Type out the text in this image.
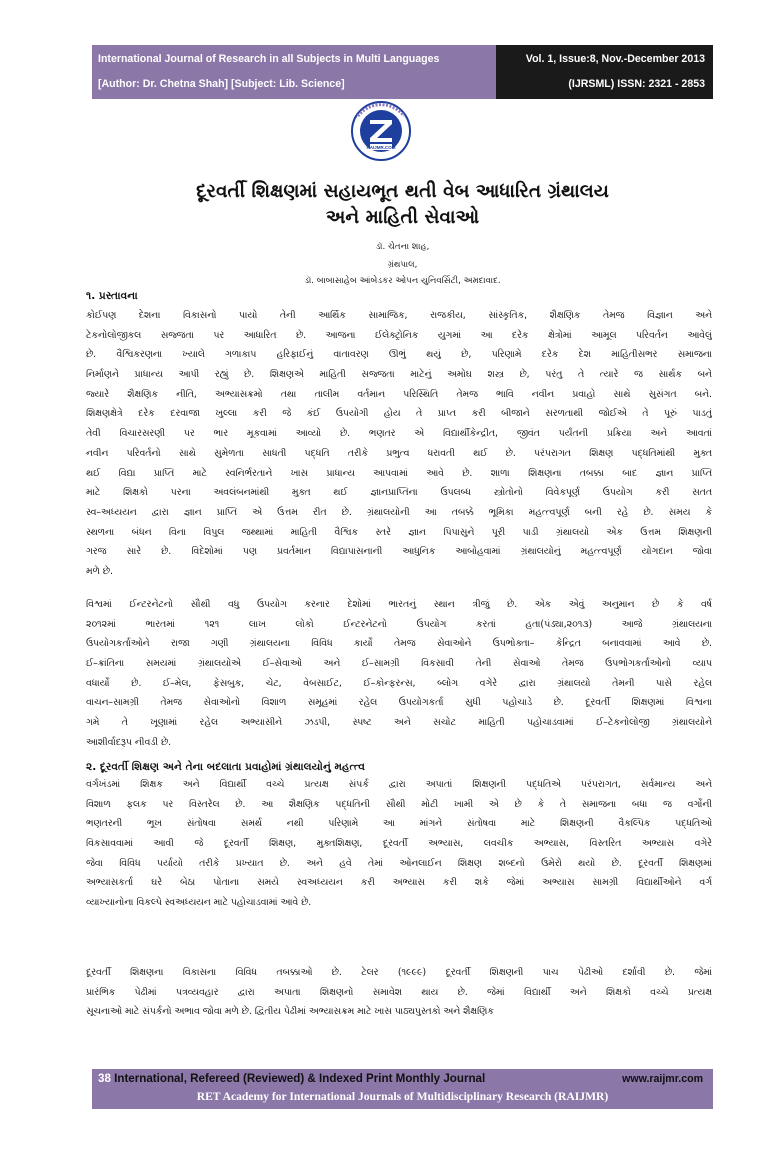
International Journal of Research in all Subjects in Multi Languages
[Author: Dr. Chetna Shah] [Subject: Lib. Science]
Vol. 1, Issue:8, Nov.-December 2013
(IJRSML) ISSN: 2321 - 2853
RAIJMR.COM
દૂરવર્તી શિક્ષણમાં સહાયભૂત થતી વેબ આધારિત ગ્રંથાલય
અને માહિતી સેવાઓ
ડૉ. ચેતના શાહ,
ગ્રંથપાલ,
ડૉ. બાબાસાહેબ આંબેડકર ઓપન યુનિવર્સિટી, અમદાવાદ.
૧. પ્રસ્તાવના
કોઈપણ દેશના વિકાસનો પાયો તેની આર્થિક સામાજિક, રાજકીય, સાંસ્કૃતિક, શૈક્ષણિક તેમજ વિજ્ઞાન અને
ટેકનોલોજીકલ સજ્જતા પર આધારિત છે. આજના ઈલેક્ટ્રોનિક યુગમાં આ દરેક ક્ષેત્રોમાં આમૂલ પરિવર્તન આવેલું
છે. વૈશ્વિકરણના ખ્યાલે ગળાકાપ હરિફાઈનું વાતાવરણ ઊભું થયું છે, પરિણામે દરેક દેશ માહિતીસભર સમાજના
નિર્માણને પ્રાધાન્ય આપી રહ્યું છે. શિક્ષણએ માહિતી સજ્જતા માટેનું અમોઘ શસ્ત્ર છે, પરંતુ તે ત્યારે જ સાર્થક બને
જ્યારે શૈક્ષણિક નીતિ, અભ્યાસક્રમો તથા તાલીમ વર્તમાન પરિસ્થિતિ તેમજ ભાવિ નવીન પ્રવાહો સાથે સુસંગત બને.
શિક્ષણક્ષેત્રે દરેક દરવાજા ખુલ્લા કરી જે કંઈ ઉપયોગી હોય તે પ્રાપ્ત કરી બીજાને સરળતાથી જોઈએ તે પૂરું પાડતું
તેવી વિચારસરણી પર ભાર મૂકવામાં આવ્યો છે. ભણતર એ વિદ્યાર્થીકેન્દ્રીત, જીવંત પર્યંતની પ્રક્રિયા અને આવતાં
નવીન પરિવર્તનો સાથે સુમેળતા સાધતી પદ્ધતિ તરીકે પ્રભુત્વ ધરાવતી થઈ છે. પરંપરાગત શિક્ષણ પદ્ધતિમાંથી મુક્ત
થઈ વિદ્યા પ્રાપ્તિ માટે સ્વનિર્ભરતાને ખાસ પ્રાધાન્ય આપવામાં આવે છે. શાળા શિક્ષણના તબક્કા બાદ જ્ઞાન પ્રાપ્તિ
માટે શિક્ષકો પરના અવલંબનમાંથી મુક્ત થઈ જ્ઞાનપ્રાપ્તિના ઉપલબ્ધ સ્ત્રોતોનો વિવેકપૂર્ણ ઉપયોગ કરી સતત
સ્વ–અધ્યયન દ્વારા જ્ઞાન પ્રાપ્તિ એ ઉત્તમ રીત છે. ગ્રંથાલયોની આ તબક્કે ભૂમિકા મહત્ત્વપૂર્ણ બની રહે છે. સમય કે
સ્થળના બંધન વિના વિપુલ જથ્થામાં માહિતી વૈશ્વિક સ્તરે જ્ઞાન પિપાસુને પૂરી પાડી ગ્રંથાલયો એક ઉત્તમ શિક્ષણની
ગરજ સારે છે. વિદેશોમાં પણ પ્રવર્તમાન વિદ્યાપાસનાની આધુનિક આબોહવામાં ગ્રંથાલયોનું મહત્ત્વપૂર્ણ યોગદાન જોવા
મળે છે.
વિશ્વમાં ઈન્ટરનેટનો સૌથી વધુ ઉપયોગ કરનાર દેશોમાં ભારતનું સ્થાન ત્રીજું છે. એક એવું અનુમાન છે કે વર્ષ
૨૦૧૨માં ભારતમાં ૧૨૧ લાખ લોકો ઈન્ટરનેટનો ઉપયોગ કરતાં હતા(પંડ્યા,૨૦૧૩) આજે ગ્રંથાલયના
ઉપયોગકર્તાઓને રાજા ગણી ગ્રંથાલયના વિવિધ કાર્યો તેમજ સેવાઓને ઉપભોક્તા– કેન્દ્રિત બનાવવામાં આવે છે.
ઈ–ક્રાંતિના સમયમાં ગ્રંથાલયોએ ઈ–સેવાઓ અને ઈ–સામગ્રી વિકસાવી તેની સેવાઓ તેમજ ઉપભોગકર્તાઓનો વ્યાપ
વધાર્યો છે. ઈ–મેલ, ફેસબુક, ચેટ, વેબસાઈટ, ઈ–કોન્ફરન્સ, બ્લોગ વગેરે દ્વારા ગ્રંથાલયો તેમની પાસે રહેલ
વાચન–સામગ્રી તેમજ સેવાઓનો વિશાળ સમૂહમાં રહેલ ઉપયોગકર્તા સુધી પહોચાડે છે. દૂરવર્તી શિક્ષણમાં વિશ્વના
ગમે તે ખૂણામાં રહેલ અભ્યાસીને ઝડપી, સ્પષ્ટ અને સચોટ માહિતી પહોચાડવામાં ઈ–ટેકનોલોજી ગ્રંથાલયોને
આશીર્વાદરૂપ નીવડી છે.
૨. દૂરવર્તી શિક્ષણ અને તેના બદલાતા પ્રવાહોમાં ગ્રંથાલયોનું મહત્ત્વ
વર્ગખંડમાં શિક્ષક અને વિદ્યાર્થી વચ્ચે પ્રત્યક્ષ સંપર્ક દ્વારા અપાતાં શિક્ષણની પદ્ધતિએ પરંપરાગત, સર્વમાન્ય અને
વિશાળ ફલક પર વિસ્તરેલ છે. આ શૈક્ષણિક પદ્ધતિની સૌથી મોટી ખામી એ છે કે તે સમાજના બધા જ વર્ગોની
ભણતરની ભૂખ સંતોષવા સમર્થ નથી પરિણામે આ માંગને સંતોષવા માટે શિક્ષણની વૈકલ્પિક પદ્ધતિઓ
વિકસાવવામાં આવી જે દૂરવર્તી શિક્ષણ, મુક્તશિક્ષણ, દૂરવર્તી અભ્યાસ, લવચીક અભ્યાસ, વિસ્તરિત અભ્યાસ વગેરે
જેવા વિવિધ પર્યાયો તરીકે પ્રખ્યાત છે. અને હવે તેમાં ઓનલાઈન શિક્ષણ શબ્દનો ઉમેરો થયો છે. દૂરવર્તી શિક્ષણમાં
અભ્યાસકર્તા ઘરે બેઠા પોતાના સમયે સ્વઅધ્યયન કરી અભ્યાસ કરી શકે જેમાં અભ્યાસ સામગ્રી વિદ્યાર્થીઓને વર્ગ
વ્યાખ્યાનોના વિકલ્પે સ્વઅધ્યયન માટે પહોચાડવામાં આવે છે.
દૂરવર્તી શિક્ષણના વિકાસના વિવિધ તબક્કાઓ છે. ટેલર (૧૯૯૯) દૂરવર્તી શિક્ષણની પાચ પેઢીઓ દર્શાવી છે. જેમાં
પ્રારંભિક પેઢીમાં પત્રવ્યવહાર દ્વારા અપાતા શિક્ષણનો સમાવેશ થાય છે. જેમાં વિદ્યાર્થી અને શિક્ષકો વચ્ચે પ્રત્યક્ષ
સૂચનાઓ માટે સંપર્કનો અભાવ જોવા મળે છે. દ્વિતીય પેઢીમાં અભ્યાસક્રમ માટે ખાસ પાઠ્યપુસ્તકો અને શૈક્ષણિક
38 International, Refereed (Reviewed) & Indexed Print Monthly Journal	www.raijmr.com
RET Academy for International Journals of Multidisciplinary Research (RAIJMR)
